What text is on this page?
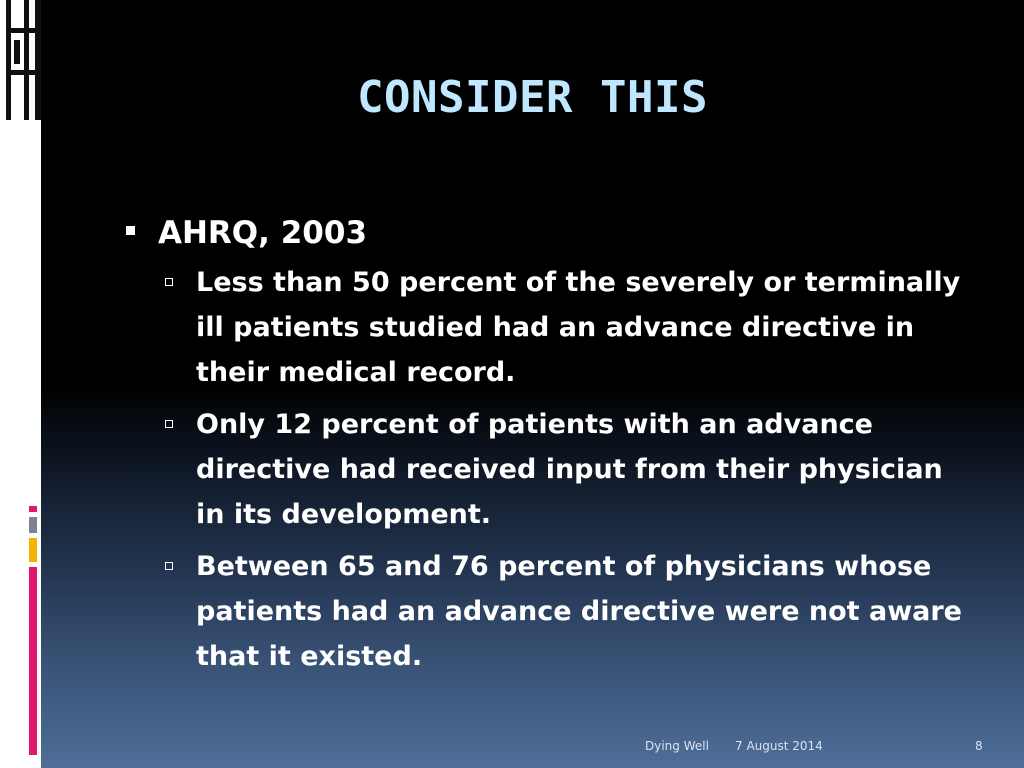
CONSIDER THIS
AHRQ, 2003
Less than 50 percent of the severely or terminally ill patients studied had an advance directive in their medical record.
Only 12 percent of patients with an advance directive had received input from their physician in its development.
Between 65 and 76 percent of physicians whose patients had an advance directive were not aware that it existed.
Dying Well 7 August 2014	8
